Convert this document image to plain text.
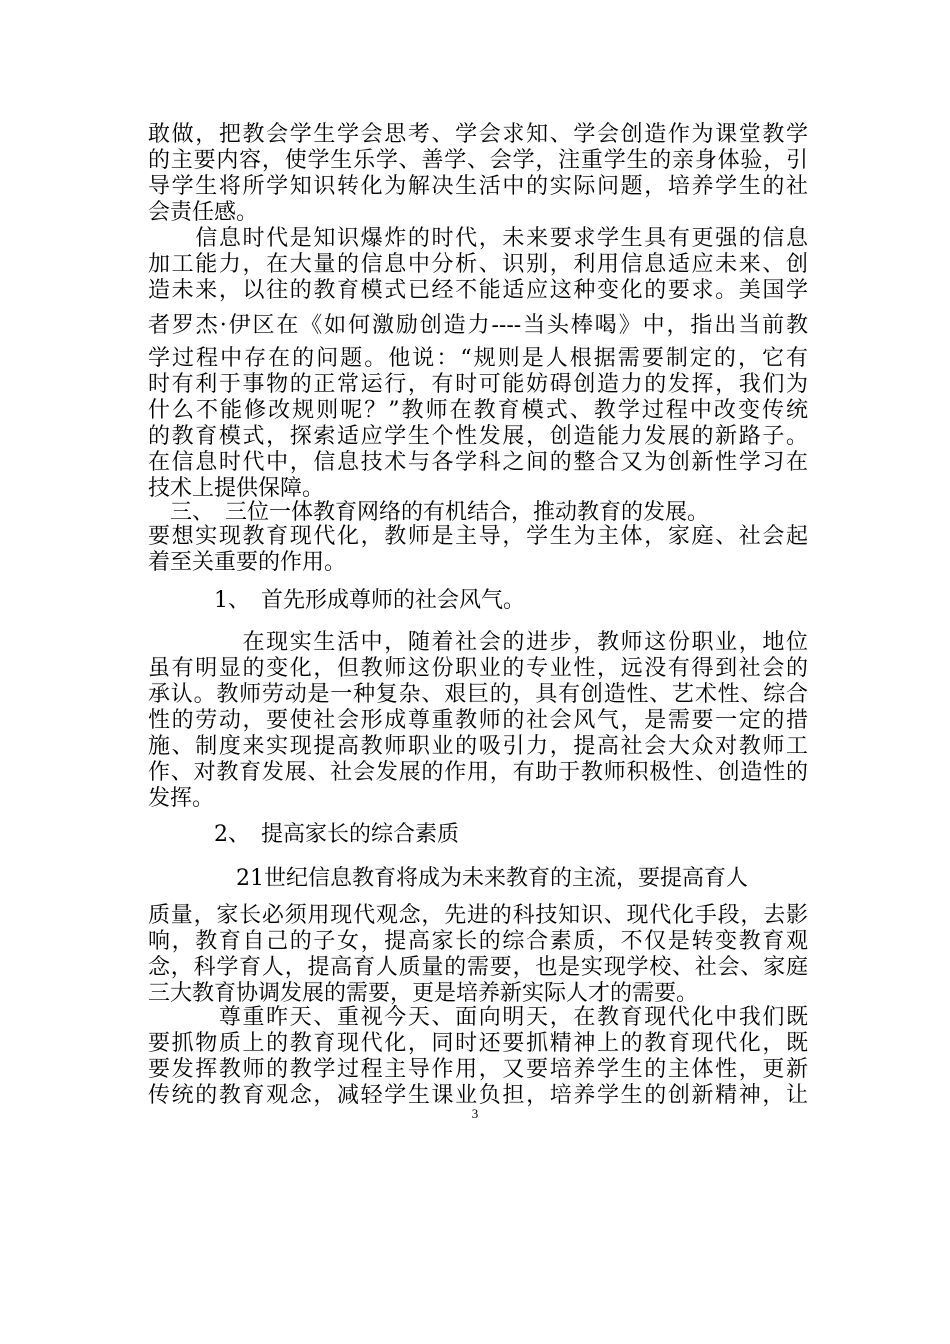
敢做，把教会学生学会思考、学会求知、学会创造作为课堂教学
的主要内容，使学生乐学、善学、会学，注重学生的亲身体验，引
导学生将所学知识转化为解决生活中的实际问题，培养学生的社
会责任感。
　　信息时代是知识爆炸的时代，未来要求学生具有更强的信息
加工能力，在大量的信息中分析、识别，利用信息适应未来、创
造未来，以往的教育模式已经不能适应这种变化的要求。美国学
者罗杰·伊区在《如何激励创造力----当头棒喝》中，指出当前教
学过程中存在的问题。他说：“规则是人根据需要制定的，它有
时有利于事物的正常运行，有时可能妨碍创造力的发挥，我们为
什么不能修改规则呢？”教师在教育模式、教学过程中改变传统
的教育模式，探索适应学生个性发展，创造能力发展的新路子。
在信息时代中，信息技术与各学科之间的整合又为创新性学习在
技术上提供保障。
　三、　三位一体教育网络的有机结合，推动教育的发展。
要想实现教育现代化，教师是主导，学生为主体，家庭、社会起
着至关重要的作用。
　　　1、　首先形成尊师的社会风气。
　　　　在现实生活中，随着社会的进步，教师这份职业，地位
虽有明显的变化，但教师这份职业的专业性，远没有得到社会的
承认。教师劳动是一种复杂、艰巨的，具有创造性、艺术性、综合
性的劳动，要使社会形成尊重教师的社会风气，是需要一定的措
施、制度来实现提高教师职业的吸引力，提高社会大众对教师工
作、对教育发展、社会发展的作用，有助于教师积极性、创造性的
发挥。
　　　2、　提高家长的综合素质
　　　　21世纪信息教育将成为未来教育的主流，要提高育人
质量，家长必须用现代观念，先进的科技知识、现代化手段，去影
响，教育自己的子女，提高家长的综合素质，不仅是转变教育观
念，科学育人，提高育人质量的需要，也是实现学校、社会、家庭
三大教育协调发展的需要，更是培养新实际人才的需要。
　　　尊重昨天、重视今天、面向明天，在教育现代化中我们既
要抓物质上的教育现代化，同时还要抓精神上的教育现代化，既
要发挥教师的教学过程主导作用，又要培养学生的主体性，更新
传统的教育观念，减轻学生课业负担，培养学生的创新精神，让
3
